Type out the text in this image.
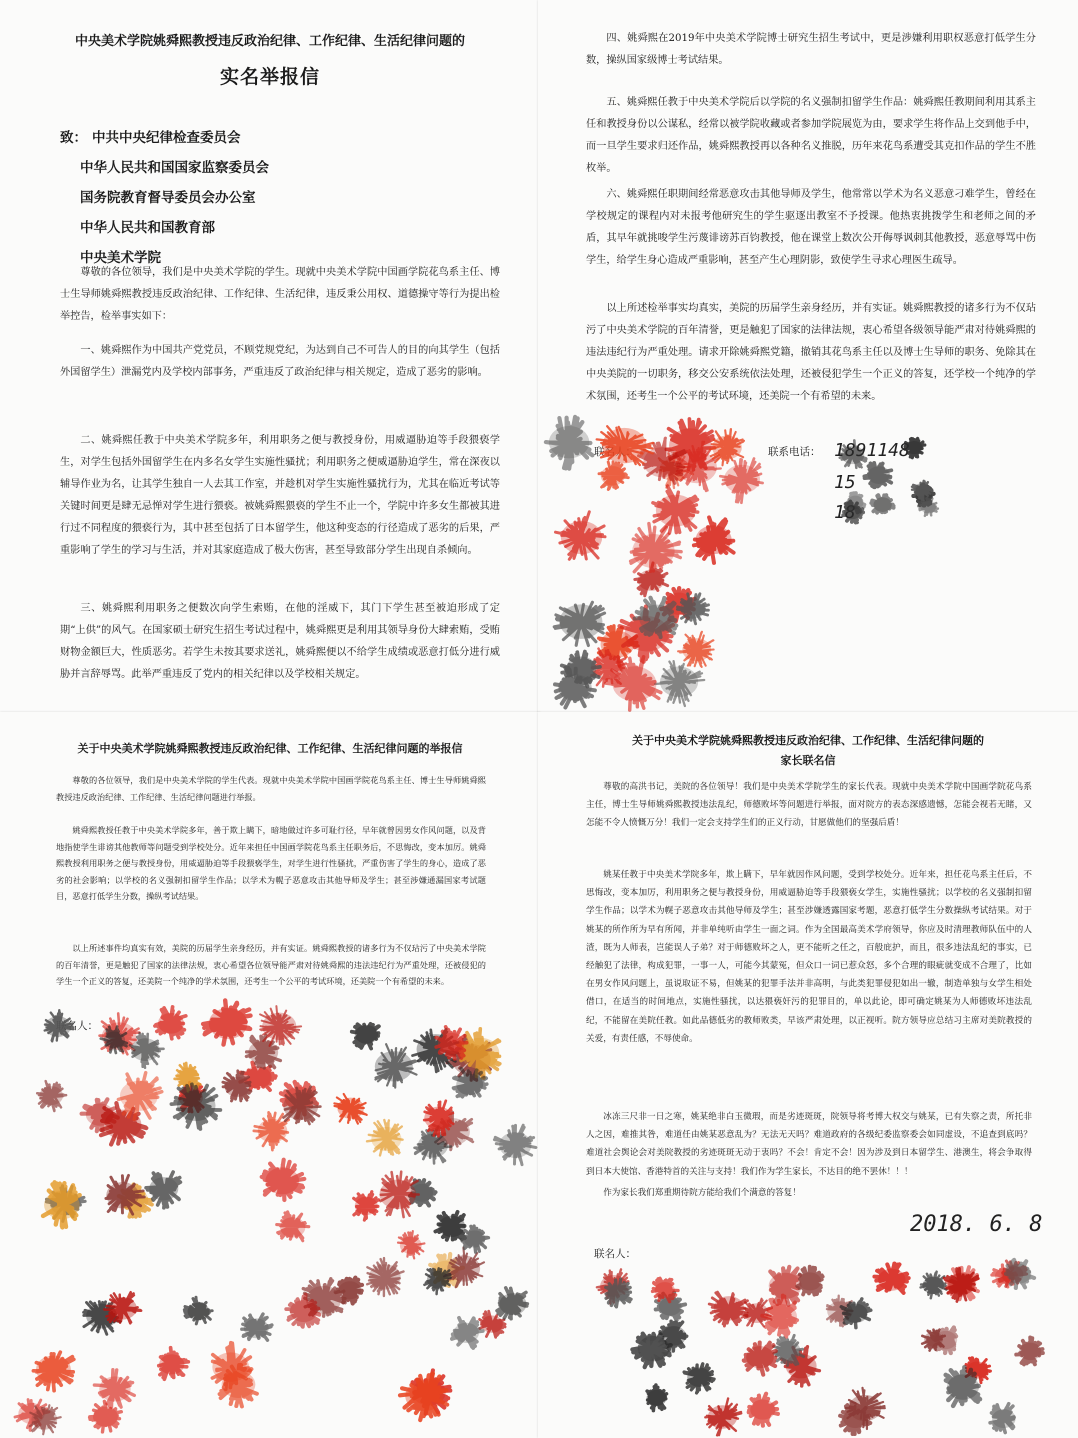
中央美术学院姚舜熙教授违反政治纪律、工作纪律、生活纪律问题的
实名举报信
致： 中共中央纪律检查委员会
中华人民共和国国家监察委员会
国务院教育督导委员会办公室
中华人民共和国教育部
中央美术学院
尊敬的各位领导，我们是中央美术学院的学生。现就中央美术学院中国画学院花鸟系主任、博士生导师姚舜熙教授违反政治纪律、工作纪律、生活纪律，违反秉公用权、道德操守等行为提出检举控告，检举事实如下：
一、姚舜熙作为中国共产党党员，不顾党规党纪，为达到自己不可告人的目的向其学生（包括外国留学生）泄漏党内及学校内部事务，严重违反了政治纪律与相关规定，造成了恶劣的影响。
二、姚舜熙任教于中央美术学院多年，利用职务之便与教授身份，用威逼胁迫等手段猥亵学生，对学生包括外国留学生在内多名女学生实施性骚扰；利用职务之便威逼胁迫学生，常在深夜以辅导作业为名，让其学生独自一人去其工作室，并趁机对学生实施性骚扰行为，尤其在临近考试等关键时间更是肆无忌惮对学生进行猥亵。被姚舜熙猥亵的学生不止一个，学院中许多女生都被其进行过不同程度的猥亵行为，其中甚至包括了日本留学生，他这种变态的行径造成了恶劣的后果，严重影响了学生的学习与生活，并对其家庭造成了极大伤害，甚至导致部分学生出现自杀倾向。
三、姚舜熙利用职务之便数次向学生索贿，在他的淫威下，其门下学生甚至被迫形成了定期“上供”的风气。在国家硕士研究生招生考试过程中，姚舜熙更是利用其领导身份大肆索贿，受贿财物金额巨大，性质恶劣。若学生未按其要求送礼，姚舜熙便以不给学生成绩或恶意打低分进行威胁并言辞辱骂。此举严重违反了党内的相关纪律以及学校相关规定。
四、姚舜熙在2019年中央美术学院博士研究生招生考试中，更是涉嫌利用职权恶意打低学生分数，操纵国家级博士考试结果。
五、姚舜熙任教于中央美术学院后以学院的名义强制扣留学生作品：姚舜熙任教期间利用其系主任和教授身份以公谋私，经常以被学院收藏或者参加学院展览为由，要求学生将作品上交到他手中，而一旦学生要求归还作品，姚舜熙教授再以各种名义推脱，历年来花鸟系遭受其克扣作品的学生不胜枚举。
六、姚舜熙任职期间经常恶意攻击其他导师及学生，他常常以学术为名义恶意刁难学生，曾经在学校规定的课程内对未报考他研究生的学生驱逐出教室不予授课。他热衷挑拨学生和老师之间的矛盾，其早年就挑唆学生污蔑诽谤苏百钧教授，他在课堂上数次公开侮辱讽刺其他教授，恶意辱骂中伤学生，给学生身心造成严重影响，甚至产生心理阴影，致使学生寻求心理医生疏导。
以上所述检举事实均真实，美院的历届学生亲身经历，并有实证。姚舜熙教授的诸多行为不仅玷污了中央美术学院的百年清誉，更是触犯了国家的法律法规，衷心希望各级领导能严肃对待姚舜熙的违法违纪行为严重处理。请求开除姚舜熙党籍，撤销其花鸟系主任以及博士生导师的职务、免除其在中央美院的一切职务，移交公安系统依法处理，还被侵犯学生一个正义的答复，还学校一个纯净的学术氛围，还考生一个公平的考试环境，还美院一个有希望的未来。
联名人：	联系电话： 1891148
15
18
关于中央美术学院姚舜熙教授违反政治纪律、工作纪律、生活纪律问题的举报信
尊敬的各位领导，我们是中央美术学院的学生代表。现就中央美术学院中国画学院花鸟系主任、博士生导师姚舜熙教授违反政治纪律、工作纪律、生活纪律问题进行举报。
姚舜熙教授任教于中央美术学院多年，善于欺上瞒下，暗地做过许多可耻行径，早年就曾因男女作风问题，以及背地指使学生诽谤其他教师等问题受到学校处分。近年来担任中国画学院花鸟系主任职务后，不思悔改，变本加厉。姚舜熙教授利用职务之便与教授身份，用威逼胁迫等手段猥亵学生，对学生进行性骚扰，严重伤害了学生的身心，造成了恶劣的社会影响；以学校的名义强制扣留学生作品；以学术为幌子恶意攻击其他导师及学生；甚至涉嫌通漏国家考试题目，恶意打低学生分数，操纵考试结果。
以上所述事件均真实有效，美院的历届学生亲身经历，并有实证。姚舜熙教授的诸多行为不仅玷污了中央美术学院的百年清誉，更是触犯了国家的法律法规，衷心希望各位领导能严肃对待姚舜熙的违法违纪行为严重处理，还被侵犯的学生一个正义的答复，还美院一个纯净的学术氛围，还考生一个公平的考试环境，还美院一个有希望的未来。
联名人：
关于中央美术学院姚舜熙教授违反政治纪律、工作纪律、生活纪律问题的
家长联名信
尊敬的高洪书记，美院的各位领导！我们是中央美术学院学生的家长代表。现就中央美术学院中国画学院花鸟系主任，博士生导师姚舜熙教授违法乱纪，师德败坏等问题进行举报，面对院方的表态深感遗憾，怎能会视若无睹，又怎能不令人愤慨万分！我们一定会支持学生们的正义行动，甘愿做他们的坚强后盾！
姚某任教于中央美术学院多年，欺上瞒下，早年就因作风问题，受到学校处分。近年来，担任花鸟系主任后，不思悔改，变本加厉，利用职务之便与教授身份，用威逼胁迫等手段猥亵女学生，实施性骚扰；以学校的名义强制扣留学生作品；以学术为幌子恶意攻击其他导师及学生；甚至涉嫌透露国家考题，恶意打低学生分数操纵考试结果。对于姚某的所作所为早有所闻，并非单纯听由学生一面之词。作为全国最高美术学府领导，你应及时清理教师队伍中的人渣，既为人师表，岂能误人子弟？对于师德败坏之人，更不能听之任之，百般庇护，而且，很多违法乱纪的事实，已经触犯了法律，构成犯罪，一事一人，可能今其蒙冤，但众口一词已惹众怒，多个合理的眼疵就变成不合理了，比如在男女作风问题上，虽说取证不易，但姚某的犯罪手法并非高明，与此类犯罪侵犯如出一辙，制造单独与女学生相处借口，在适当的时间地点，实施性骚扰，以达猥亵奸污的犯罪目的，单以此论，即可确定姚某为人师德败坏违法乱纪，不能留在美院任教。如此品德低劣的教师败类，早该严肃处理，以正视听。院方领导应总结习主席对美院教授的关爱，有责任感，不辱使命。
冰冻三尺非一日之寒，姚某绝非白玉微瑕，而是劣迹斑斑，院领导将考博大权交与姚某，已有失察之责，所托非人之因，难推其咎，难道任由姚某恶意乱为？无法无天吗？难道政府的各级纪委监察委会如同虚设，不追查到底吗？难道社会舆论会对美院教授的劣迹斑斑无动于衷吗？不会！肯定不会！因为涉及到日本留学生、港澳生，将会争取得到日本大使馆、香港特首的关注与支持！我们作为学生家长，不达目的绝不罢休！！！
作为家长我们郑重期待院方能给我们个满意的答复！
2018. 6. 8
联名人：
